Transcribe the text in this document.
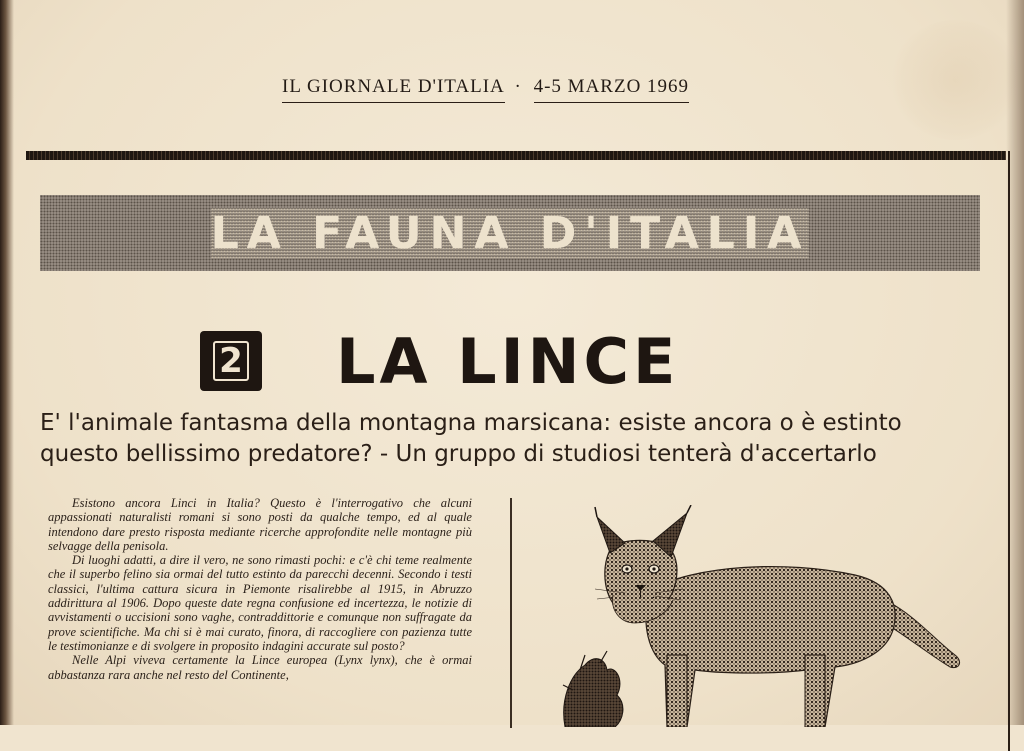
IL GIORNALE D'ITALIA · 4-5 MARZO 1969
LA FAUNA D'ITALIA
2 LA LINCE
E' l'animale fantasma della montagna marsicana: esiste ancora o è estinto
questo bellissimo predatore? - Un gruppo di studiosi tenterà d'accertarlo

Esistono ancora Linci in Italia? Questo è l'interrogativo che alcuni appassionati naturalisti romani si sono posti da qualche tempo, ed al quale intendono dare presto risposta mediante ricerche approfondite nelle montagne più selvagge della penisola.

Di luoghi adatti, a dire il vero, ne sono rimasti pochi: e c'è chi teme realmente che il superbo felino sia ormai del tutto estinto da parecchi decenni. Secondo i testi classici, l'ultima cattura sicura in Piemonte risalirebbe al 1915, in Abruzzo addirittura al 1906. Dopo queste date regna confusione ed incertezza, le notizie di avvistamenti o uccisioni sono vaghe, contraddittorie e comunque non suffragate da prove scientifiche. Ma chi si è mai curato, finora, di raccogliere con pazienza tutte le testimonianze e di svolgere in proposito indagini accurate sul posto?

Nelle Alpi viveva certamente la Lince europea (Lynx lynx), che è ormai abbastanza rara anche nel resto del Continente,
